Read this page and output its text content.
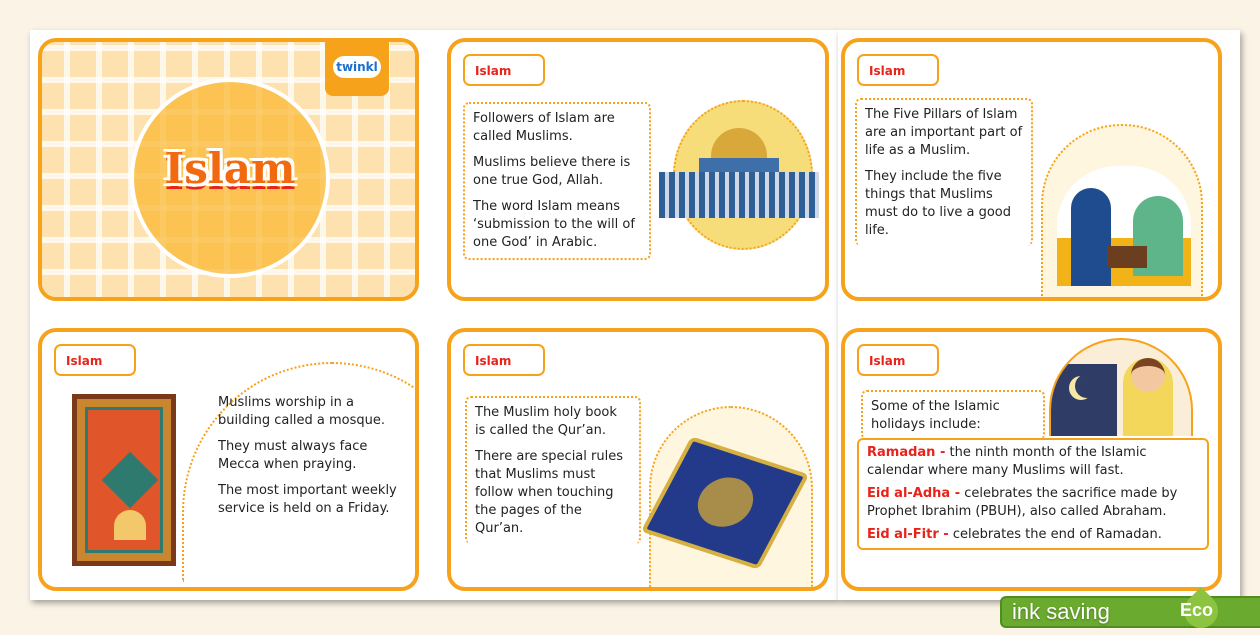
twinkl
Islam
Islam

Followers of Islam are called Muslims.

Muslims believe there is one true God, Allah.

The word Islam means ‘submission to the will of one God’ in Arabic.

Islam

The Five Pillars of Islam are an important part of life as a Muslim.

They include the five things that Muslims must do to live a good life.

Islam

Muslims worship in a building called a mosque.

They must always face Mecca when praying.

The most important weekly service is held on a Friday.

Islam

The Muslim holy book is called the Qur’an.

There are special rules that Muslims must follow when touching the pages of the Qur’an.

Islam

Some of the Islamic holidays include:

Ramadan - the ninth month of the Islamic calendar where many Muslims will fast.

Eid al-Adha - celebrates the sacrifice made by Prophet Ibrahim (PBUH), also called Abraham.

Eid al-Fitr - celebrates the end of Ramadan.

ink saving	Eco
